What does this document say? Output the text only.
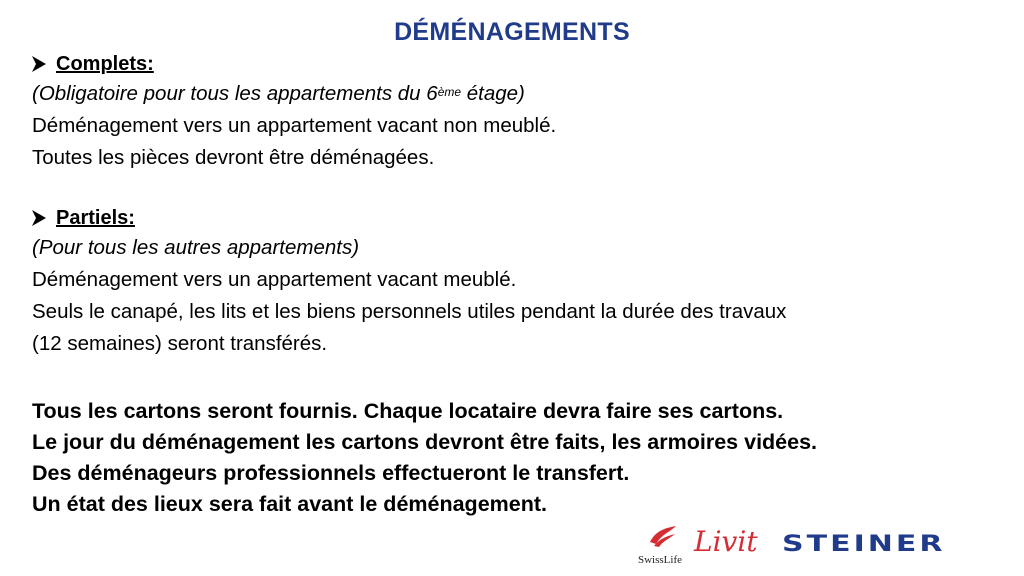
DÉMÉNAGEMENTS
Complets:
(Obligatoire pour tous les appartements du 6ème étage)
Déménagement vers un appartement vacant non meublé.
Toutes les pièces devront être déménagées.
Partiels:
(Pour tous les autres appartements)
Déménagement vers un appartement vacant meublé.
Seuls le canapé, les lits et les biens personnels utiles pendant la durée des travaux
(12 semaines) seront transférés.
Tous les cartons seront fournis. Chaque locataire devra faire ses cartons.
Le jour du déménagement les cartons devront être faits, les armoires vidées.
Des déménageurs professionnels effectueront le transfert.
Un état des lieux sera fait avant le déménagement.
SwissLife
Livit STEINER
